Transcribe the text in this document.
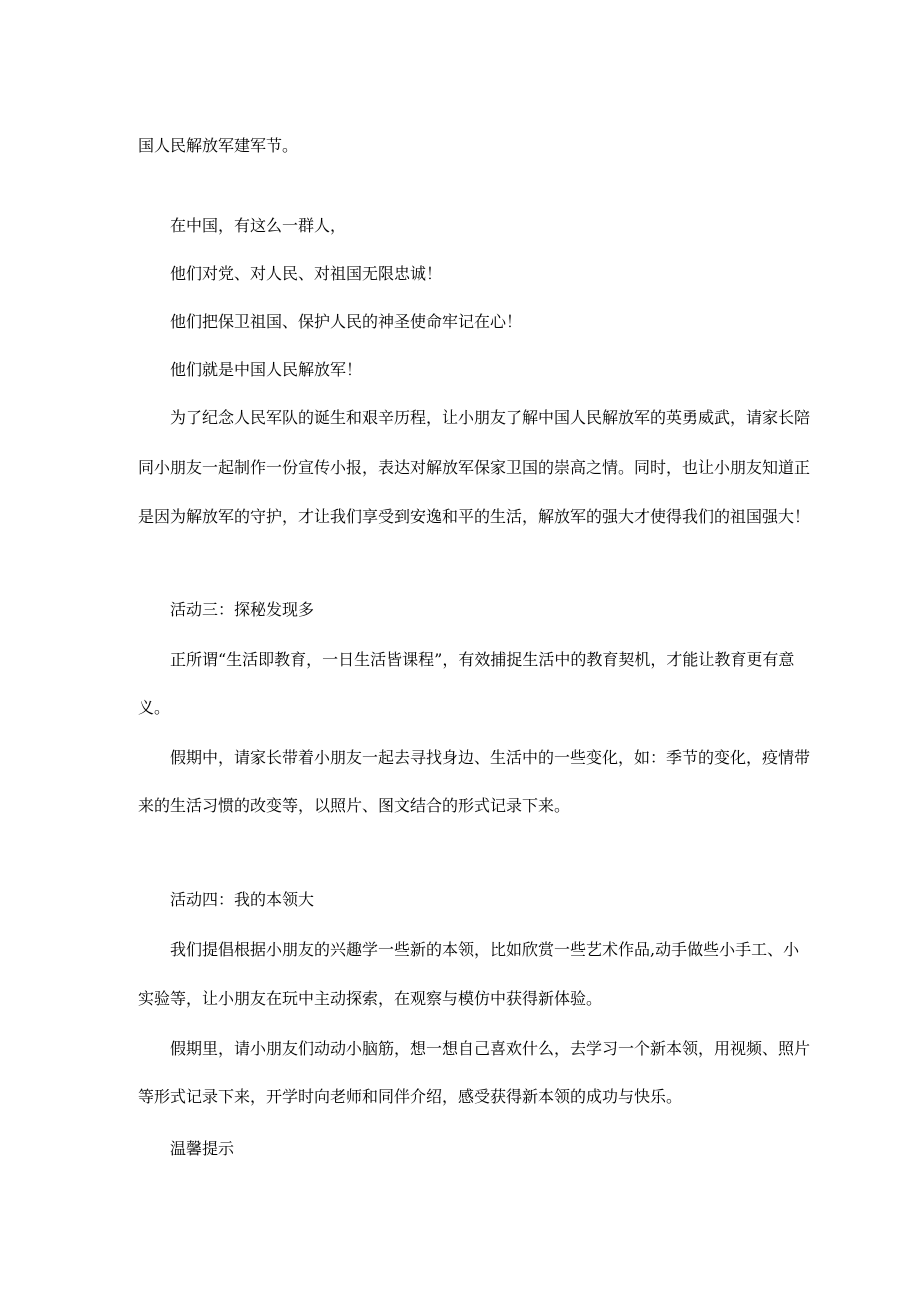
国人民解放军建军节。

在中国，有这么一群人，

他们对党、对人民、对祖国无限忠诚！

他们把保卫祖国、保护人民的神圣使命牢记在心！

他们就是中国人民解放军！

为了纪念人民军队的诞生和艰辛历程，让小朋友了解中国人民解放军的英勇威武，请家长陪

同小朋友一起制作一份宣传小报，表达对解放军保家卫国的崇高之情。同时，也让小朋友知道正

是因为解放军的守护，才让我们享受到安逸和平的生活，解放军的强大才使得我们的祖国强大！

活动三：探秘发现多

正所谓“生活即教育，一日生活皆课程”，有效捕捉生活中的教育契机，才能让教育更有意

义。

假期中，请家长带着小朋友一起去寻找身边、生活中的一些变化，如：季节的变化，疫情带

来的生活习惯的改变等，以照片、图文结合的形式记录下来。

活动四：我的本领大

我们提倡根据小朋友的兴趣学一些新的本领，比如欣赏一些艺术作品,动手做些小手工、小

实验等，让小朋友在玩中主动探索，在观察与模仿中获得新体验。

假期里，请小朋友们动动小脑筋，想一想自己喜欢什么，去学习一个新本领，用视频、照片

等形式记录下来，开学时向老师和同伴介绍，感受获得新本领的成功与快乐。

温馨提示
